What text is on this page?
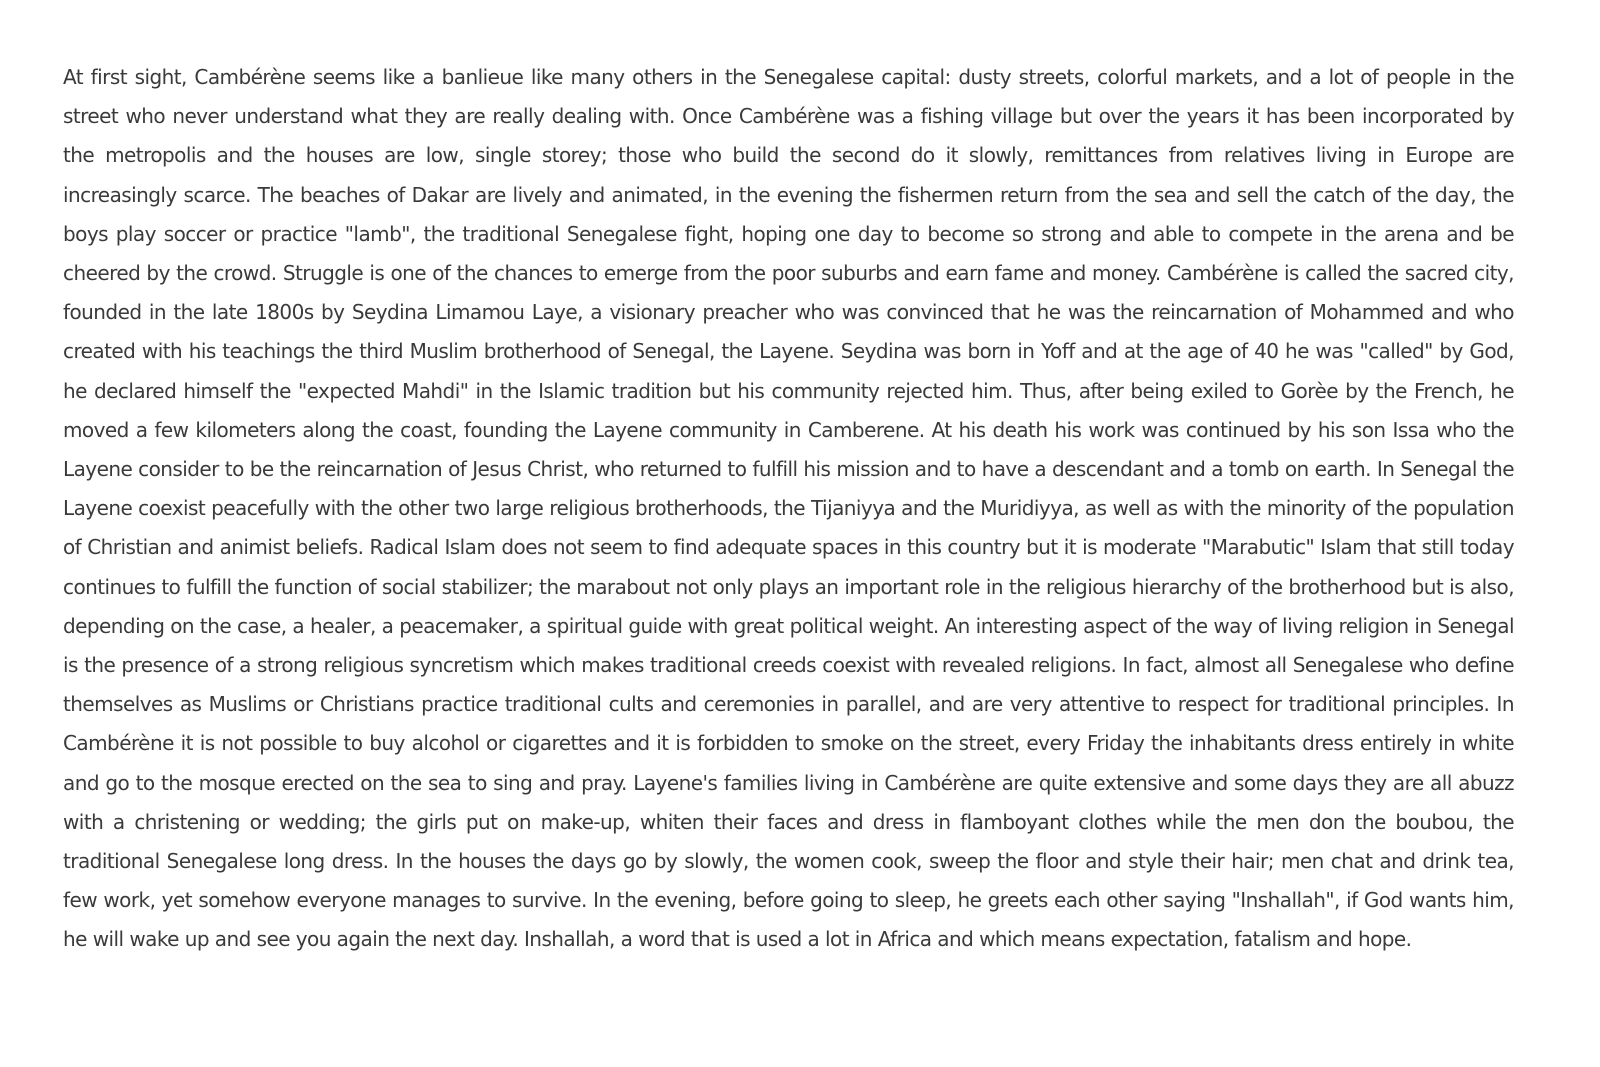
At first sight, Cambérène seems like a banlieue like many others in the Senegalese capital: dusty streets, colorful markets, and a lot of people in the street who never understand what they are really dealing with. Once Cambérène was a fishing village but over the years it has been incorporated by the metropolis and the houses are low, single storey; those who build the second do it slowly, remittances from relatives living in Europe are increasingly scarce. The beaches of Dakar are lively and animated, in the evening the fishermen return from the sea and sell the catch of the day, the boys play soccer or practice "lamb", the traditional Senegalese fight, hoping one day to become so strong and able to compete in the arena and be cheered by the crowd. Struggle is one of the chances to emerge from the poor suburbs and earn fame and money. Cambérène is called the sacred city, founded in the late 1800s by Seydina Limamou Laye, a visionary preacher who was convinced that he was the reincarnation of Mohammed and who created with his teachings the third Muslim brotherhood of Senegal, the Layene. Seydina was born in Yoff and at the age of 40 he was "called" by God, he declared himself the "expected Mahdi" in the Islamic tradition but his community rejected him. Thus, after being exiled to Gorèe by the French, he moved a few kilometers along the coast, founding the Layene community in Camberene. At his death his work was continued by his son Issa who the Layene consider to be the reincarnation of Jesus Christ, who returned to fulfill his mission and to have a descendant and a tomb on earth. In Senegal the Layene coexist peacefully with the other two large religious brotherhoods, the Tijaniyya and the Muridiyya, as well as with the minority of the population of Christian and animist beliefs. Radical Islam does not seem to find adequate spaces in this country but it is moderate "Marabutic" Islam that still today continues to fulfill the function of social stabilizer; the marabout not only plays an important role in the religious hierarchy of the brotherhood but is also, depending on the case, a healer, a peacemaker, a spiritual guide with great political weight. An interesting aspect of the way of living religion in Senegal is the presence of a strong religious syncretism which makes traditional creeds coexist with revealed religions. In fact, almost all Senegalese who define themselves as Muslims or Christians practice traditional cults and ceremonies in parallel, and are very attentive to respect for traditional principles. In Cambérène it is not possible to buy alcohol or cigarettes and it is forbidden to smoke on the street, every Friday the inhabitants dress entirely in white and go to the mosque erected on the sea to sing and pray. Layene's families living in Cambérène are quite extensive and some days they are all abuzz with a christening or wedding; the girls put on make-up, whiten their faces and dress in flamboyant clothes while the men don the boubou, the traditional Senegalese long dress. In the houses the days go by slowly, the women cook, sweep the floor and style their hair; men chat and drink tea, few work, yet somehow everyone manages to survive. In the evening, before going to sleep, he greets each other saying "Inshallah", if God wants him, he will wake up and see you again the next day. Inshallah, a word that is used a lot in Africa and which means expectation, fatalism and hope.
